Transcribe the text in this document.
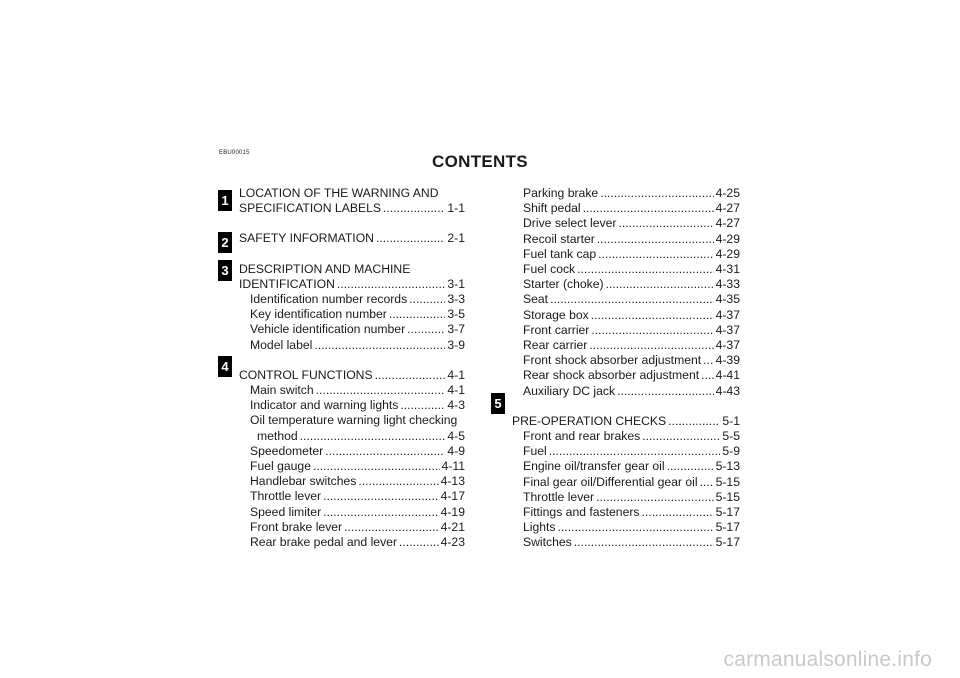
EBU00015	CONTENTS
1
2
3
4
5
LOCATION OF THE WARNING AND
SPECIFICATION LABELS .....	1-1
SAFETY INFORMATION .....	2-1
DESCRIPTION AND MACHINE
IDENTIFICATION .....	3-1
Identification number records .....	3-3
Key identification number .....	3-5
Vehicle identification number .....	3-7
Model label .....	3-9
CONTROL FUNCTIONS .....	4-1
Main switch .....	4-1
Indicator and warning lights .....	4-3
Oil temperature warning light checking
method .....	4-5
Speedometer .....	4-9
Fuel gauge .....	4-11
Handlebar switches .....	4-13
Throttle lever .....	4-17
Speed limiter .....	4-19
Front brake lever .....	4-21
Rear brake pedal and lever .....	4-23
Parking brake .....	4-25
Shift pedal .....	4-27
Drive select lever .....	4-27
Recoil starter .....	4-29
Fuel tank cap .....	4-29
Fuel cock .....	4-31
Starter (choke) .....	4-33
Seat .....	4-35
Storage box .....	4-37
Front carrier .....	4-37
Rear carrier .....	4-37
Front shock absorber adjustment ..... 4-39
Rear shock absorber adjustment ..... 4-41
Auxiliary DC jack .....	4-43
PRE-OPERATION CHECKS .....	5-1
Front and rear brakes .....	5-5
Fuel .....	5-9
Engine oil/transfer gear oil .....	5-13
Final gear oil/Differential gear oil ..... 5-15
Throttle lever .....	5-15
Fittings and fasteners .....	5-17
Lights .....	5-17
Switches .....	5-17
carmanualsonline.info
